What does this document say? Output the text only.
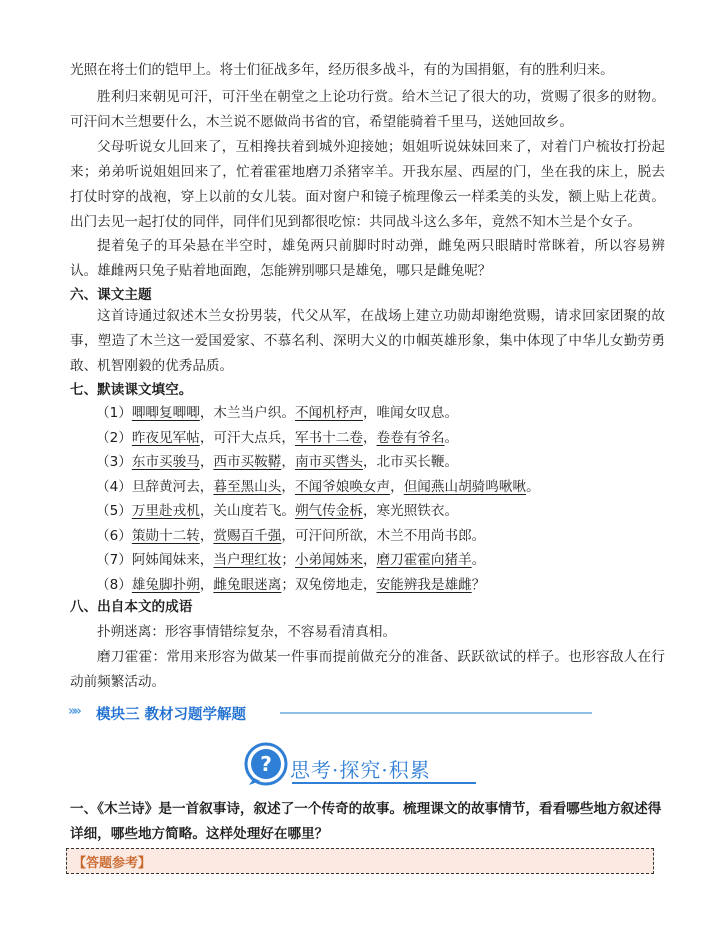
光照在将士们的铠甲上。将士们征战多年，经历很多战斗，有的为国捐躯，有的胜利归来。

胜利归来朝见可汗，可汗坐在朝堂之上论功行赏。给木兰记了很大的功，赏赐了很多的财物。可汗问木兰想要什么，木兰说不愿做尚书省的官，希望能骑着千里马，送她回故乡。

父母听说女儿回来了，互相搀扶着到城外迎接她；姐姐听说妹妹回来了，对着门户梳妆打扮起来；弟弟听说姐姐回来了，忙着霍霍地磨刀杀猪宰羊。开我东屋、西屋的门，坐在我的床上，脱去打仗时穿的战袍，穿上以前的女儿装。面对窗户和镜子梳理像云一样柔美的头发，额上贴上花黄。出门去见一起打仗的同伴，同伴们见到都很吃惊：共同战斗这么多年，竟然不知木兰是个女子。

提着兔子的耳朵悬在半空时，雄兔两只前脚时时动弹，雌兔两只眼睛时常眯着，所以容易辨认。雄雌两只兔子贴着地面跑，怎能辨别哪只是雄兔，哪只是雌兔呢？

六、课文主题

这首诗通过叙述木兰女扮男装，代父从军，在战场上建立功勋却谢绝赏赐，请求回家团聚的故事，塑造了木兰这一爱国爱家、不慕名利、深明大义的巾帼英雄形象，集中体现了中华儿女勤劳勇敢、机智刚毅的优秀品质。

七、默读课文填空。

（1）唧唧复唧唧，木兰当户织。不闻机杼声，唯闻女叹息。

（2）昨夜见军帖，可汗大点兵，军书十二卷，卷卷有爷名。

（3）东市买骏马，西市买鞍鞯，南市买辔头，北市买长鞭。

（4）旦辞黄河去，暮至黑山头，不闻爷娘唤女声，但闻燕山胡骑鸣啾啾。

（5）万里赴戎机，关山度若飞。朔气传金柝，寒光照铁衣。

（6）策勋十二转，赏赐百千强，可汗问所欲，木兰不用尚书郎。

（7）阿姊闻妹来，当户理红妆；小弟闻姊来，磨刀霍霍向猪羊。

（8）雄兔脚扑朔，雌兔眼迷离；双兔傍地走，安能辨我是雄雌？

八、出自本文的成语

扑朔迷离：形容事情错综复杂，不容易看清真相。

磨刀霍霍：常用来形容为做某一件事而提前做充分的准备、跃跃欲试的样子。也形容敌人在行动前频繁活动。

»» 模块三 教材习题学解题
? 思考·探究·积累

一、《木兰诗》是一首叙事诗，叙述了一个传奇的故事。梳理课文的故事情节，看看哪些地方叙述得详细，哪些地方简略。这样处理好在哪里？

【答题参考】
